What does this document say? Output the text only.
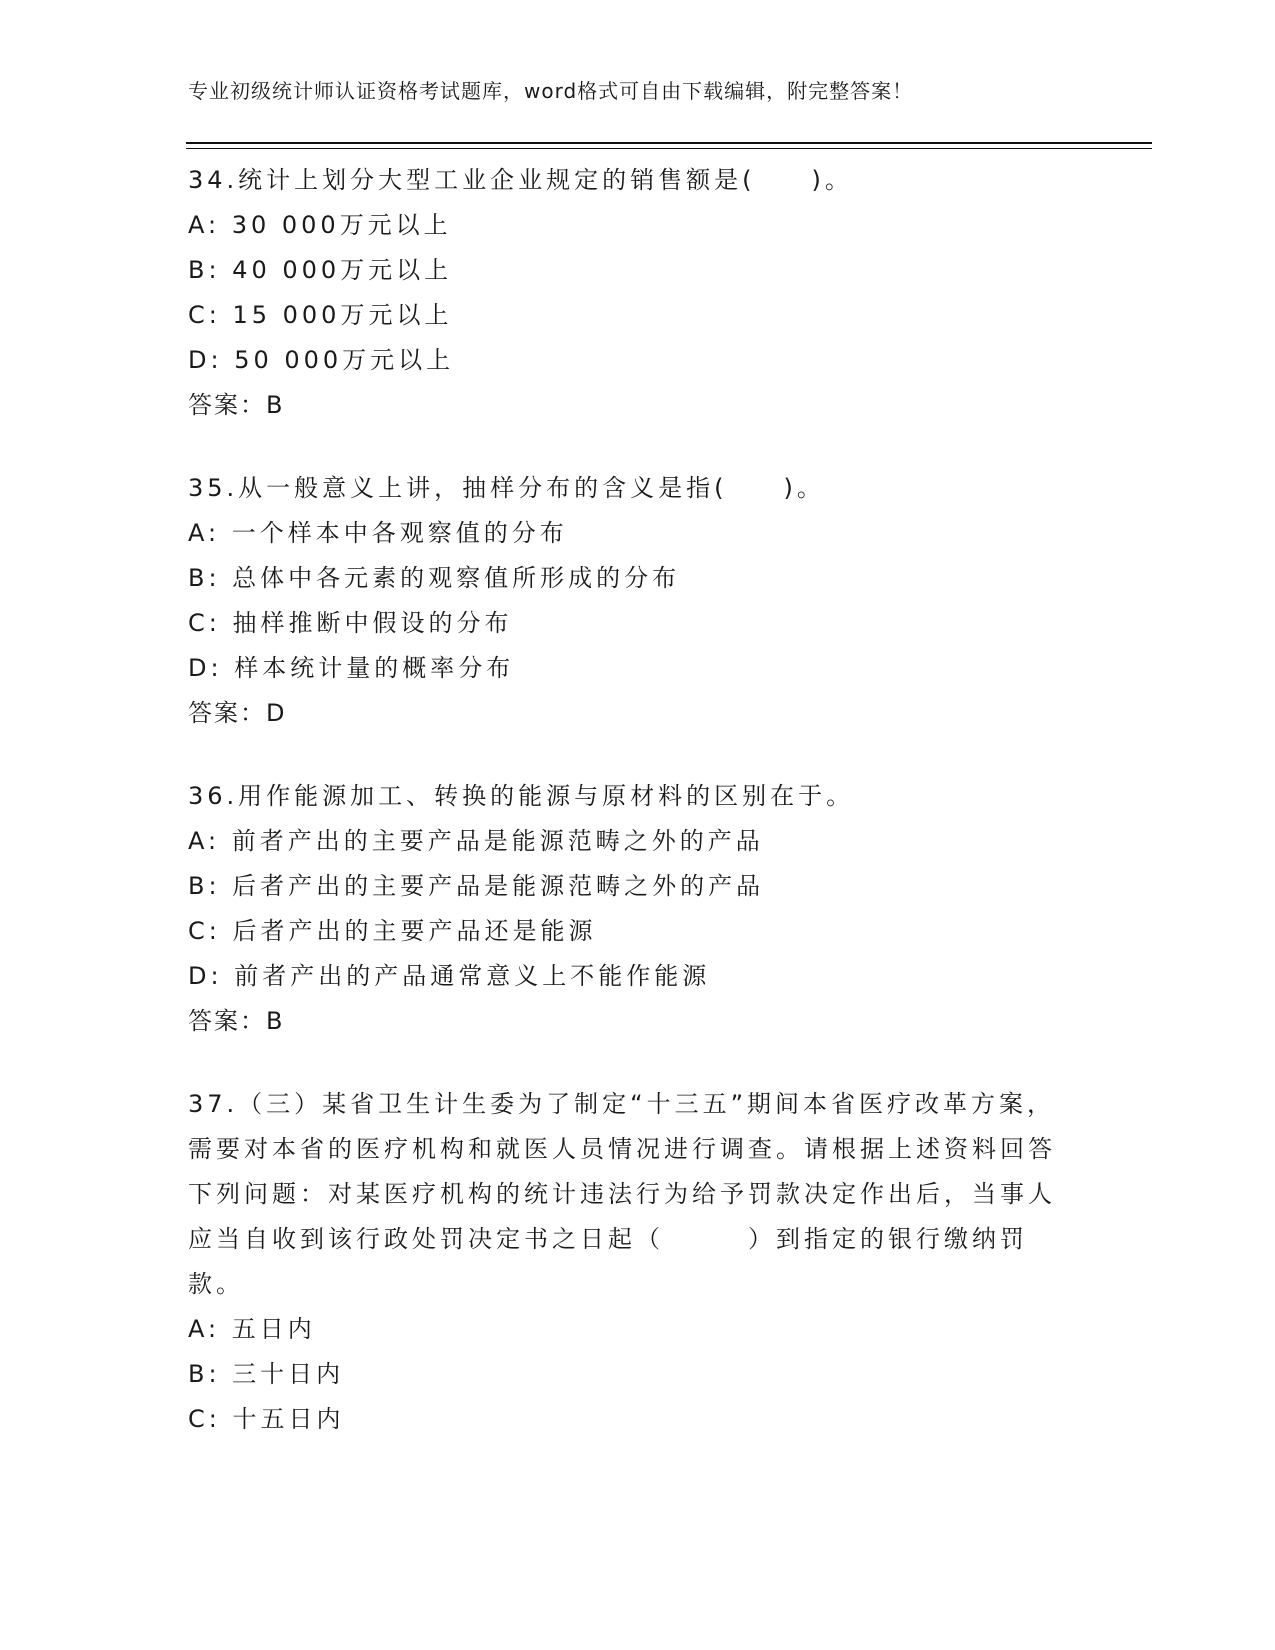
专业初级统计师认证资格考试题库，word格式可自由下载编辑，附完整答案！

34.统计上划分大型工业企业规定的销售额是(　　)。

A: 30 000万元以上

B: 40 000万元以上

C: 15 000万元以上

D: 50 000万元以上

答案：B

35.从一般意义上讲，抽样分布的含义是指(　　)。

A: 一个样本中各观察值的分布

B: 总体中各元素的观察值所形成的分布

C: 抽样推断中假设的分布

D: 样本统计量的概率分布

答案：D

36.用作能源加工、转换的能源与原材料的区别在于。

A: 前者产出的主要产品是能源范畴之外的产品

B: 后者产出的主要产品是能源范畴之外的产品

C: 后者产出的主要产品还是能源

D: 前者产出的产品通常意义上不能作能源

答案：B

37.（三）某省卫生计生委为了制定“十三五”期间本省医疗改革方案，需要对本省的医疗机构和就医人员情况进行调查。请根据上述资料回答下列问题：对某医疗机构的统计违法行为给予罚款决定作出后，当事人应当自收到该行政处罚决定书之日起（　　　）到指定的银行缴纳罚款。

A: 五日内

B: 三十日内

C: 十五日内
